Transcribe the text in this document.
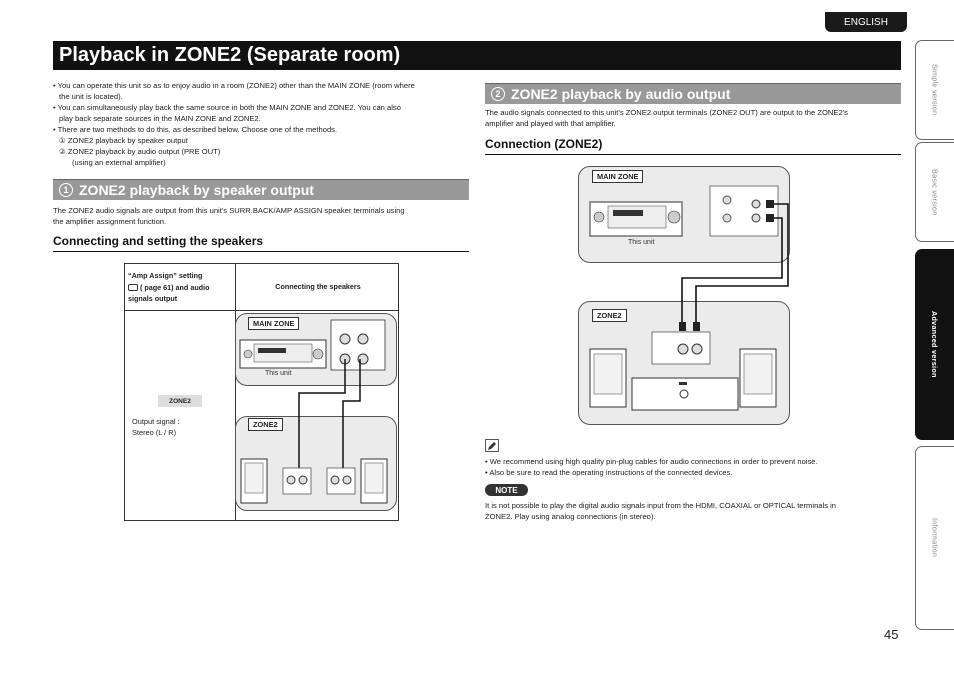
ENGLISH
Playback in ZONE2 (Separate room)
• You can operate this unit so as to enjoy audio in a room (ZONE2) other than the MAIN ZONE (room where
the unit is located).
• You can simultaneously play back the same source in both the MAIN ZONE and ZONE2. You can also
play back separate sources in the MAIN ZONE and ZONE2.
• There are two methods to do this, as described below. Choose one of the methods.
① ZONE2 playback by speaker output
② ZONE2 playback by audio output (PRE OUT)
(using an external amplifier)
1 ZONE2 playback by speaker output
The ZONE2 audio signals are output from this unit's SURR.BACK/AMP ASSIGN speaker terminals using
the amplifier assignment function.
Connecting and setting the speakers
“Amp Assign” setting
( page 61) and audio
signals output
Connecting the speakers
ZONE2
Output signal :
Stereo (L / R)
MAIN ZONE
ZONE2
This unit
2 ZONE2 playback by audio output
The audio signals connected to this unit's ZONE2 output terminals (ZONE2 OUT) are output to the ZONE2's
amplifier and played with that amplifier.
Connection (ZONE2)
MAIN ZONE
This unit
ZONE2
• We recommend using high quality pin-plug cables for audio connections in order to prevent noise.
• Also be sure to read the operating instructions of the connected devices.
NOTE
It is not possible to play the digital audio signals input from the HDMI, COAXIAL or OPTICAL terminals in
ZONE2. Play using analog connections (in stereo).
Simple version
Basic version
Advanced version
Information
45
